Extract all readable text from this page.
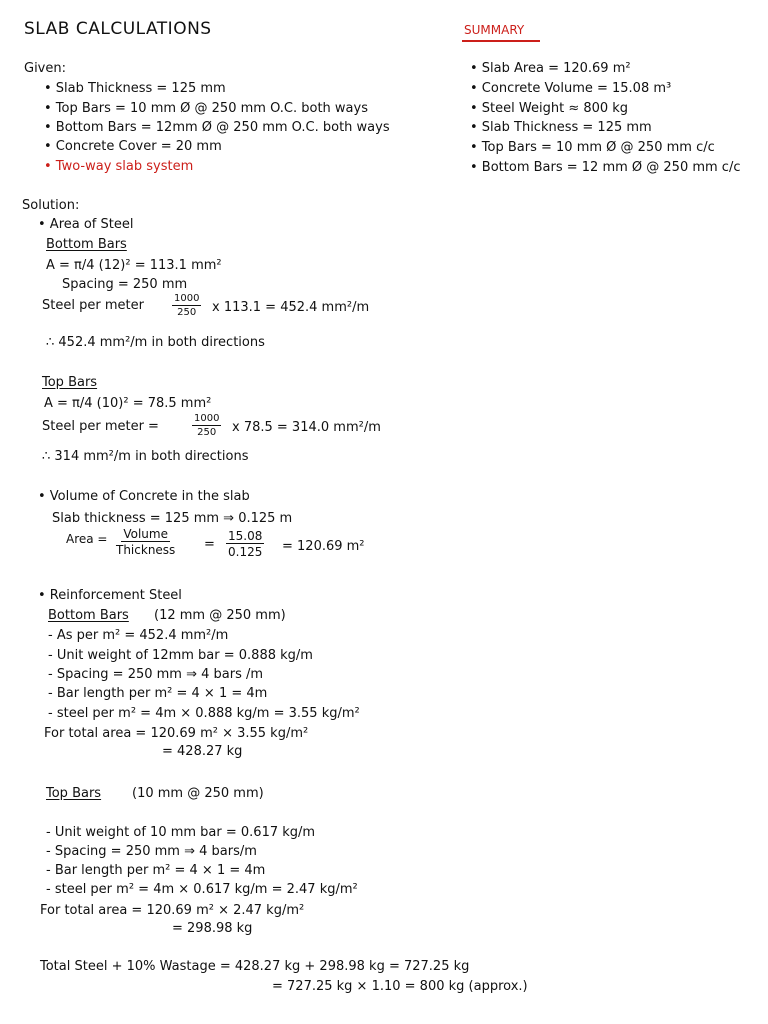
SLAB CALCULATIONS	SUMMARY
• Slab Area = 120.69 m²
• Concrete Volume = 15.08 m³
• Steel Weight ≈ 800 kg
• Slab Thickness = 125 mm
• Top Bars = 10 mm Ø @ 250 mm c/c
• Bottom Bars = 12 mm Ø @ 250 mm c/c
Given:
• Slab Thickness = 125 mm
• Top Bars = 10 mm Ø @ 250 mm O.C. both ways
• Bottom Bars = 12mm Ø @ 250 mm O.C. both ways
• Concrete Cover = 20 mm
• Two-way slab system
Solution:
• Area of Steel
Bottom Bars
A = π/4 (12)² = 113.1 mm²
Spacing = 250 mm
Steel per meter	$\frac{1000}{250}$ x 113.1 = 452.4 mm²/m
∴ 452.4 mm²/m in both directions
Top Bars
A = π/4 (10)² = 78.5 mm²
Steel per meter =	$\frac{1000}{250}$ x 78.5 = 314.0 mm²/m
∴ 314 mm²/m in both directions
• Volume of Concrete in the slab
Slab thickness = 125 mm ⇒ 0.125 m
Area = Volume
Thickness = $\frac{15.08}{0.125} = 120.69$ m²
• Reinforcement Steel
Bottom Bars (12 mm @ 250 mm)
- As per m² = 452.4 mm²/m
- Unit weight of 12mm bar = 0.888 kg/m
- Spacing = 250 mm ⇒ 4 bars /m
- Bar length per m² = 4 × 1 = 4m
- steel per m² = 4m × 0.888 kg/m = 3.55 kg/m²
For total area = 120.69 m² × 3.55 kg/m²
= 428.27 kg
Top Bars (10 mm @ 250 mm)
- Unit weight of 10 mm bar = 0.617 kg/m
- Spacing = 250 mm ⇒ 4 bars/m
- Bar length per m² = 4 × 1 = 4m
- steel per m² = 4m × 0.617 kg/m = 2.47 kg/m²
For total area = 120.69 m² × 2.47 kg/m²
= 298.98 kg
Total Steel + 10% Wastage = 428.27 kg + 298.98 kg = 727.25 kg
= 727.25 kg × 1.10 = 800 kg (approx.)
